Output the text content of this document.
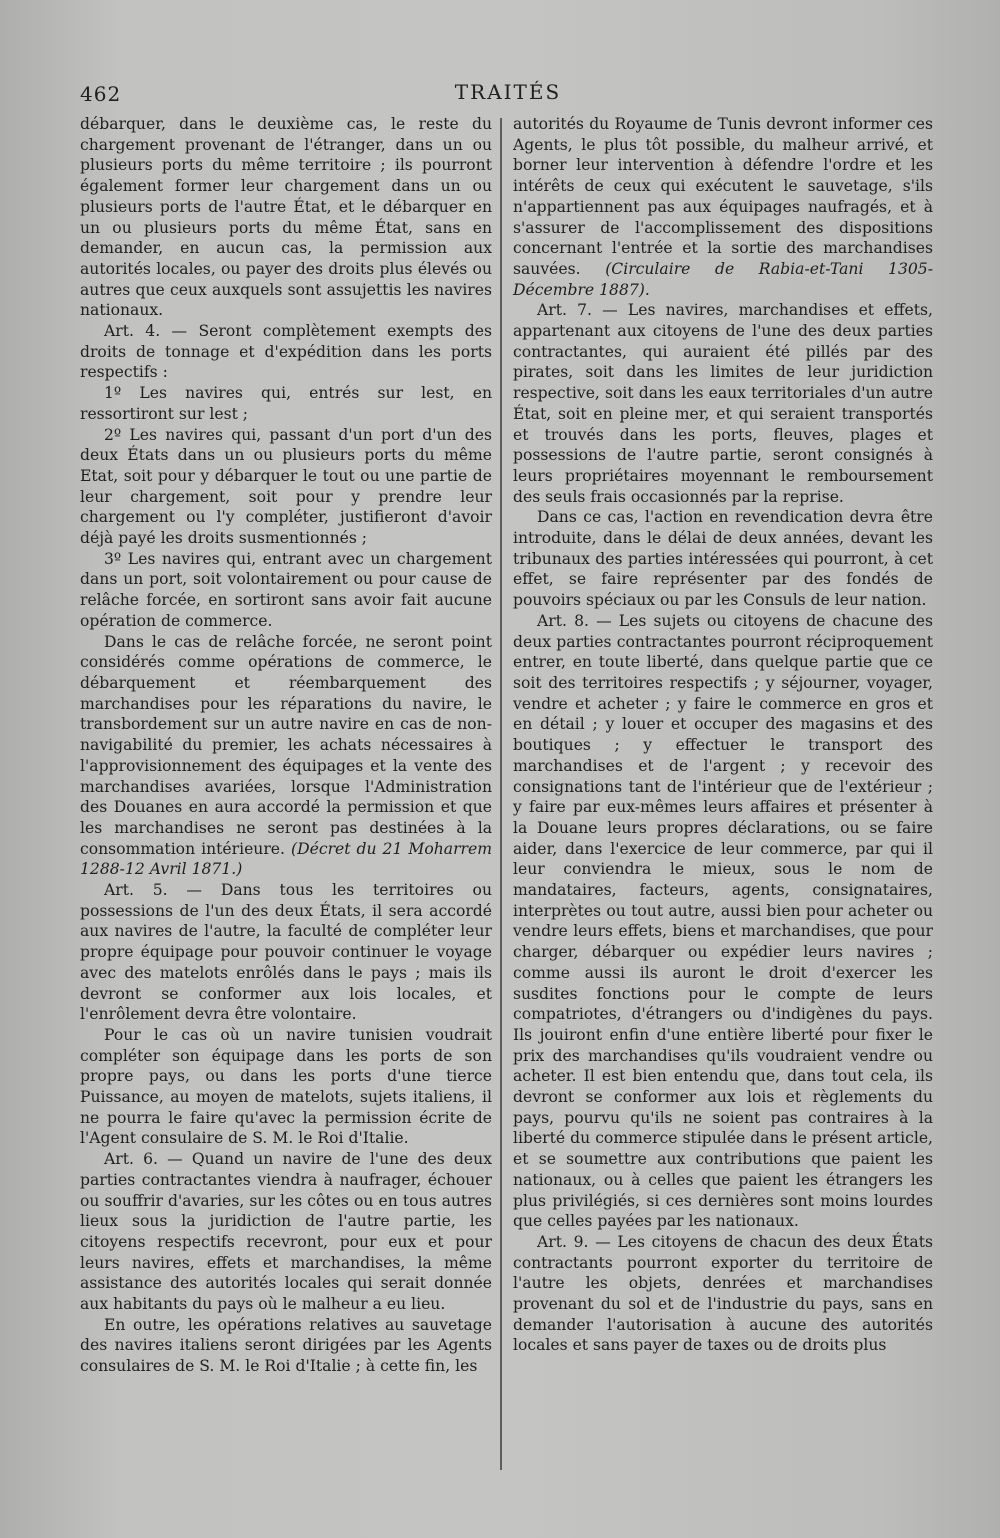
462	TRAITÉS

débarquer, dans le deuxième cas, le reste du chargement provenant de l'étranger, dans un ou plusieurs ports du même territoire ; ils pourront également former leur chargement dans un ou plusieurs ports de l'autre État, et le débarquer en un ou plusieurs ports du même État, sans en demander, en aucun cas, la permission aux autorités locales, ou payer des droits plus élevés ou autres que ceux auxquels sont assujettis les navires nationaux.

Art. 4. — Seront complètement exempts des droits de tonnage et d'expédition dans les ports respectifs :

1º Les navires qui, entrés sur lest, en ressortiront sur lest ;

2º Les navires qui, passant d'un port d'un des deux États dans un ou plusieurs ports du même Etat, soit pour y débarquer le tout ou une partie de leur chargement, soit pour y prendre leur chargement ou l'y compléter, justifieront d'avoir déjà payé les droits susmentionnés ;

3º Les navires qui, entrant avec un chargement dans un port, soit volontairement ou pour cause de relâche forcée, en sortiront sans avoir fait aucune opération de commerce.

Dans le cas de relâche forcée, ne seront point considérés comme opérations de commerce, le débarquement et réembarquement des marchandises pour les réparations du navire, le transbordement sur un autre navire en cas de non-navigabilité du premier, les achats nécessaires à l'approvisionnement des équipages et la vente des marchandises avariées, lorsque l'Administration des Douanes en aura accordé la permission et que les marchandises ne seront pas destinées à la consommation intérieure. (Décret du 21 Moharrem 1288-12 Avril 1871.)

Art. 5. — Dans tous les territoires ou possessions de l'un des deux États, il sera accordé aux navires de l'autre, la faculté de compléter leur propre équipage pour pouvoir continuer le voyage avec des matelots enrôlés dans le pays ; mais ils devront se conformer aux lois locales, et l'enrôlement devra être volontaire.

Pour le cas où un navire tunisien voudrait compléter son équipage dans les ports de son propre pays, ou dans les ports d'une tierce Puissance, au moyen de matelots, sujets italiens, il ne pourra le faire qu'avec la permission écrite de l'Agent consulaire de S. M. le Roi d'Italie.

Art. 6. — Quand un navire de l'une des deux parties contractantes viendra à naufrager, échouer ou souffrir d'avaries, sur les côtes ou en tous autres lieux sous la juridiction de l'autre partie, les citoyens respectifs recevront, pour eux et pour leurs navires, effets et marchandises, la même assistance des autorités locales qui serait donnée aux habitants du pays où le malheur a eu lieu.

En outre, les opérations relatives au sauvetage des navires italiens seront dirigées par les Agents consulaires de S. M. le Roi d'Italie ; à cette fin, les

autorités du Royaume de Tunis devront informer ces Agents, le plus tôt possible, du malheur arrivé, et borner leur intervention à défendre l'ordre et les intérêts de ceux qui exécutent le sauvetage, s'ils n'appartiennent pas aux équipages naufragés, et à s'assurer de l'accomplissement des dispositions concernant l'entrée et la sortie des marchandises sauvées. (Circulaire de Rabia-et-Tani 1305-Décembre 1887).

Art. 7. — Les navires, marchandises et effets, appartenant aux citoyens de l'une des deux parties contractantes, qui auraient été pillés par des pirates, soit dans les limites de leur juridiction respective, soit dans les eaux territoriales d'un autre État, soit en pleine mer, et qui seraient transportés et trouvés dans les ports, fleuves, plages et possessions de l'autre partie, seront consignés à leurs propriétaires moyennant le remboursement des seuls frais occasionnés par la reprise.

Dans ce cas, l'action en revendication devra être introduite, dans le délai de deux années, devant les tribunaux des parties intéressées qui pourront, à cet effet, se faire représenter par des fondés de pouvoirs spéciaux ou par les Consuls de leur nation.

Art. 8. — Les sujets ou citoyens de chacune des deux parties contractantes pourront réciproquement entrer, en toute liberté, dans quelque partie que ce soit des territoires respectifs ; y séjourner, voyager, vendre et acheter ; y faire le commerce en gros et en détail ; y louer et occuper des magasins et des boutiques ; y effectuer le transport des marchandises et de l'argent ; y recevoir des consignations tant de l'intérieur que de l'extérieur ; y faire par eux-mêmes leurs affaires et présenter à la Douane leurs propres déclarations, ou se faire aider, dans l'exercice de leur commerce, par qui il leur conviendra le mieux, sous le nom de mandataires, facteurs, agents, consignataires, interprètes ou tout autre, aussi bien pour acheter ou vendre leurs effets, biens et marchandises, que pour charger, débarquer ou expédier leurs navires ; comme aussi ils auront le droit d'exercer les susdites fonctions pour le compte de leurs compatriotes, d'étrangers ou d'indigènes du pays. Ils jouiront enfin d'une entière liberté pour fixer le prix des marchandises qu'ils voudraient vendre ou acheter. Il est bien entendu que, dans tout cela, ils devront se conformer aux lois et règlements du pays, pourvu qu'ils ne soient pas contraires à la liberté du commerce stipulée dans le présent article, et se soumettre aux contributions que paient les nationaux, ou à celles que paient les étrangers les plus privilégiés, si ces dernières sont moins lourdes que celles payées par les nationaux.

Art. 9. — Les citoyens de chacun des deux États contractants pourront exporter du territoire de l'autre les objets, denrées et marchandises provenant du sol et de l'industrie du pays, sans en demander l'autorisation à aucune des autorités locales et sans payer de taxes ou de droits plus
